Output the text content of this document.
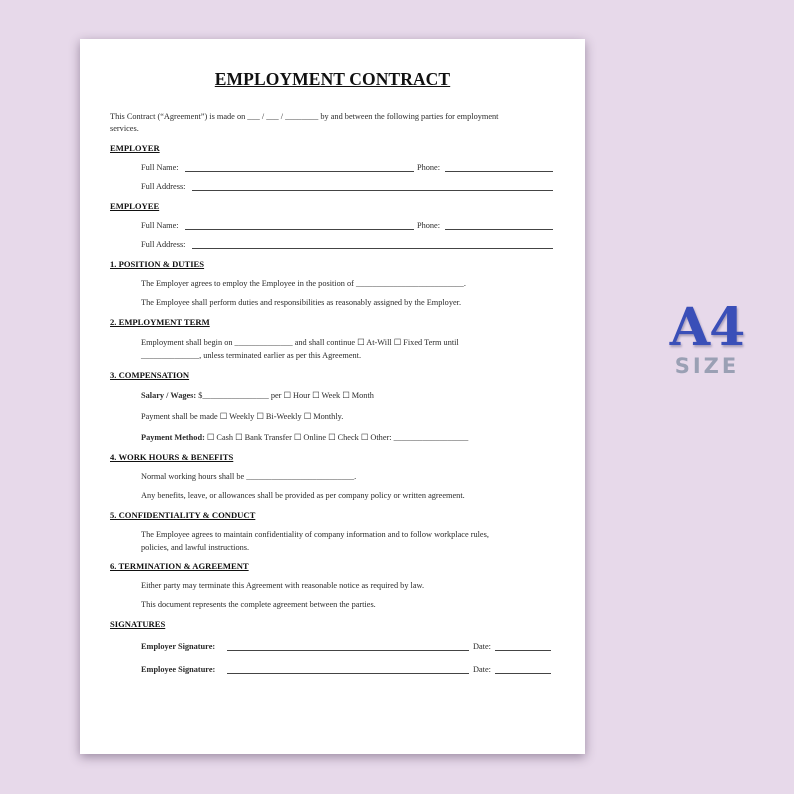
EMPLOYMENT CONTRACT
This Contract (“Agreement”) is made on ___ / ___ / ________ by and between the following parties for employment
services.
EMPLOYER
Full Name:	Phone:
Full Address:
EMPLOYEE
Full Name:	Phone:
Full Address:
1. POSITION & DUTIES
The Employer agrees to employ the Employee in the position of __________________________.
The Employee shall perform duties and responsibilities as reasonably assigned by the Employer.
2. EMPLOYMENT TERM
Employment shall begin on ______________ and shall continue ☐ At-Will ☐ Fixed Term until
______________, unless terminated earlier as per this Agreement.
3. COMPENSATION
Salary / Wages: $________________ per ☐ Hour ☐ Week ☐ Month
Payment shall be made ☐ Weekly ☐ Bi-Weekly ☐ Monthly.
Payment Method: ☐ Cash ☐ Bank Transfer ☐ Online ☐ Check ☐ Other: __________________
4. WORK HOURS & BENEFITS
Normal working hours shall be __________________________.
Any benefits, leave, or allowances shall be provided as per company policy or written agreement.
5. CONFIDENTIALITY & CONDUCT
The Employee agrees to maintain confidentiality of company information and to follow workplace rules,
policies, and lawful instructions.
6. TERMINATION & AGREEMENT
Either party may terminate this Agreement with reasonable notice as required by law.
This document represents the complete agreement between the parties.
SIGNATURES
Employer Signature:	Date:
Employee Signature:	Date:
A4
SIZE
